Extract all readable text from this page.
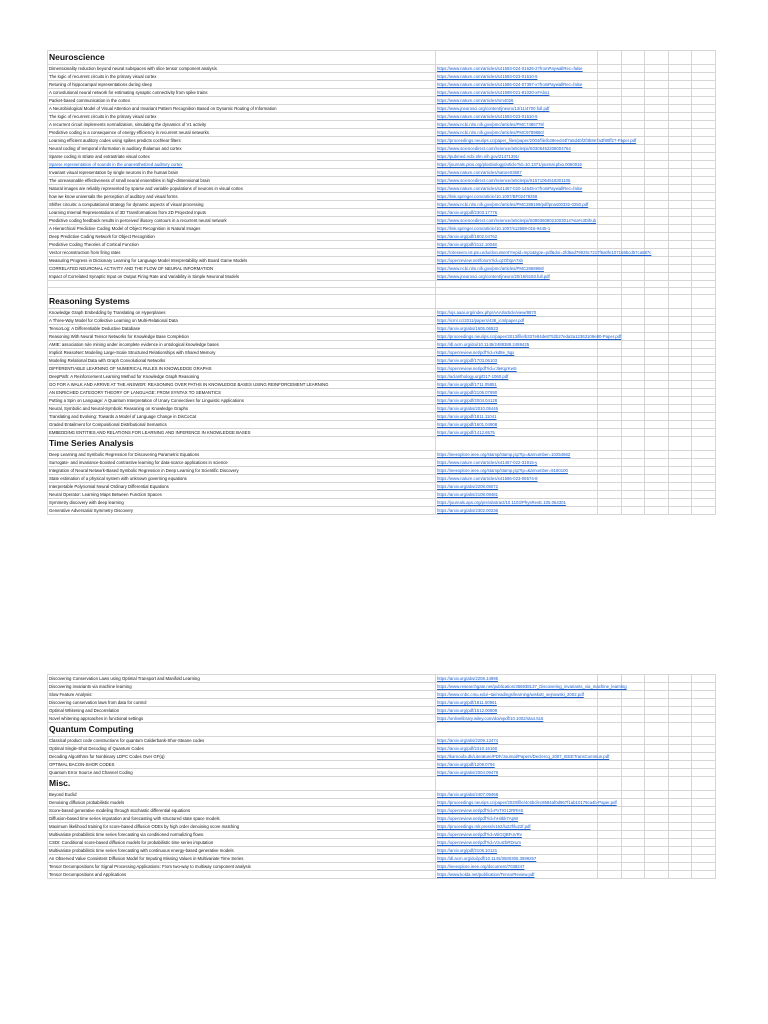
Neuroscience						
Dimensionality reduction beyond neural subspaces with slice tensor component analysis	https://www.nature.com/articles/s41593-024-01626-2?fromPaywallRec=false					
The logic of recurrent circuits in the primary visual cortex	https://www.nature.com/articles/s41593-023-01510-5					
Retuning of hippocampal representations during sleep	https://www.nature.com/articles/s41586-024-07397-x?fromPaywallRec=false					
A convolutional neural network for estimating synaptic connectivity from spike trains	https://www.nature.com/articles/s41598-021-81020-x#Abs1					
Packet-based communication in the cortex	https://www.nature.com/articles/nrn4026					
A Neurobiological Model of Visual Attention and Invariant Pattern Recognition Based on Dynamic Routing of Information	https://www.jneurosci.org/content/jneuro/13/11/4700.full.pdf					
The logic of recurrent circuits in the primary visual cortex	https://www.nature.com/articles/s41593-023-01510-5					
A recurrent circuit implements normalization, simulating the dynamics of V1 activity	https://www.ncbi.nlm.nih.gov/pmc/articles/PMC7486779/					
Predictive coding is a consequence of energy efficiency in recurrent neural networks	https://www.ncbi.nlm.nih.gov/pmc/articles/PMC9789880/					
Learning efficient auditory codes using spikes predicts cochlear filters	https://proceedings.neurips.cc/paper_files/paper/2004/file/b29eed44f7a5d4bf2f3b8e7a3f80ff27-Paper.pdf					
Neural coding of temporal information in auditory thalamus and cortex	https://www.sciencedirect.com/science/article/pii/S0306452208004764					
Sparse coding in striate and extrastriate visual cortex	https://pubmed.ncbi.nlm.nih.gov/21471391/					
Sparse representation of sounds in the unanesthetized auditory cortex	https://journals.plos.org/plosbiology/article?id=10.1371/journal.pbio.0060016					
Invariant visual representation by single neurons in the human brain	https://www.nature.com/articles/nature03687					
The unreasonable effectiveness of small neural ensembles in high-dimensional brain	https://www.sciencedirect.com/science/article/pii/S1571064518301106					
Natural images are reliably represented by sparse and variable populations of neurons in visual cortex	https://www.nature.com/articles/s41467-020-14645-x?fromPaywallRec=false					
how we know universals the perception of auditory and visual forms	https://link.springer.com/article/10.1007/BF02478259					
Shifter circuits: a computational strategy for dynamic aspects of visual processing	https://www.ncbi.nlm.nih.gov/pmc/articles/PMC289169/pdf/pnas00332-0250.pdf					
Learning Internal Representations of 3D Transformations from 2D Projected Inputs	https://arxiv.org/pdf/2303.17776					
Predictive coding feedback results in perceived illusory contours in a recurrent neural network	https://www.sciencedirect.com/science/article/pii/S0893608021003014?via%3Dihub					
A Hierarchical Predictive Coding Model of Object Recognition in Natural Images	https://link.springer.com/article/10.1007/s12559-016-9445-1					
Deep Predictive Coding Network for Object Recognition	https://arxiv.org/pdf/1802.04762					
Predictive Coding Theories of Cortical Function	https://arxiv.org/pdf/2112.10048					
Vector reconstruction from firing rates	https://citeseerx.ist.psu.edu/document?repid=rep1&type=pdf&doi=2fd6ad79926c7217f6a0fe107168bcd57ca587c					
Measuring Progress in Dictionary Learning for Language Model Interpretability with Board Game Models	https://openreview.net/forum?id=qzOhtpA7sb					
CORRELATED NEURONAL ACTIVITY AND THE FLOW OF NEURAL INFORMATION	https://www.ncbi.nlm.nih.gov/pmc/articles/PMC2868968/					
Impact of Correlated Synaptic Input on Output Firing Rate and Variability in Simple Neuronal Models	https://www.jneurosci.org/content/jneuro/20/16/6193.full.pdf					

Reasoning Systems						
Knowledge Graph Embedding by Translating on Hyperplanes	https://ojs.aaai.org/index.php/AAAI/article/view/8870					
A Three-Way Model for Collective Learning on Multi-Relational Data	https://icml.cc/2011/papers/438_icmlpaper.pdf					
TensorLog: A Differentiable Deductive Database	https://arxiv.org/abs/1605.06523					
Reasoning With Neural Tensor Networks for Knowledge Base Completion	https://proceedings.neurips.cc/paper/2013/file/b337e84de8752b27eda3a12363109e80-Paper.pdf					
AMIE: association rule mining under incomplete evidence in ontological knowledge bases	https://dl.acm.org/doi/10.1145/2488388.2488425					
Implicit ReasoNet: Modeling Large-Scale Structured Relationships with Shared Memory	https://openreview.net/pdf?id=rkd8e_5gx					
Modeling Relational Data with Graph Convolutional Networks	https://arxiv.org/pdf/1703.06103					
DIFFERENTIABLE LEARNING OF NUMERICAL RULES IN KNOWLEDGE GRAPHS	https://openreview.net/pdf?id=rJleKgrKwS					
DeepPath: A Reinforcement Learning Method for Knowledge Graph Reasoning	https://aclanthology.org/D17-1060.pdf					
GO FOR A WALK AND ARRIVE AT THE ANSWER: REASONING OVER PATHS IN KNOWLEDGE BASES USING REINFORCEMENT LEARNING	https://arxiv.org/pdf/1711.05851					
AN ENRICHED CATEGORY THEORY OF LANGUAGE: FROM SYNTAX TO SEMANTICS	https://arxiv.org/pdf/2106.07890					
Putting a Spin on Language: A Quantum Interpretation of Unary Connectives for Linguistic Applications	https://arxiv.org/pdf/2004.04128					
Neural, Symbolic and Neural-Symbolic Reasoning on Knowledge Graphs	https://arxiv.org/abs/2010.05446					
Translating and Evolving: Towards a Model of Language Change in DisCoCat	https://arxiv.org/pdf/1811.11041					
Graded Entailment for Compositional Distributional Semantics	https://arxiv.org/pdf/1601.04908					
EMBEDDING ENTITIES AND RELATIONS FOR LEARNING AND INFERENCE IN KNOWLEDGE BASES	https://arxiv.org/pdf/1412.6575					
Time Series Analysis						
Deep Learning and Symbolic Regression for Discovering Parametric Equations	https://ieeexplore.ieee.org/stamp/stamp.jsp?tp=&arnumber=10254562					
Surrogate- and invariance-boosted contrastive learning for data-scarce applications in science	https://www.nature.com/articles/s41467-022-31915-y					
Integration of Neural Network-Based Symbolic Regression in Deep Learning for Scientific Discovery	https://ieeexplore.ieee.org/stamp/stamp.jsp?tp=&arnumber=9180100					
State estimation of a physical system with unknown governing equations	https://www.nature.com/articles/s41586-023-06574-8					
Interpretable Polynomial Neural Ordinary Differential Equations	https://arxiv.org/abs/2208.05072					
Neural Operator: Learning Maps Between Function Spaces	https://arxiv.org/abs/2108.08481					
Symmetry discovery with deep learning	https://journals.aps.org/pre/abstract/10.1103/PhysRevE.105.064301					
Generative Adversarial Symmetry Discovery	https://arxiv.org/abs/2302.00236					
Discovering Conservation Laws using Optimal Transport and Manifold Learning	https://arxiv.org/abs/2208.14995					
Discovering invariants via machine learning	https://www.researchgate.net/publication/356938137_Discovering_invariants_via_machine_learning					
Slow Feature Analysis:	https://www.cnbc.cmu.edu/~tai/readings/learning/wiskott_sejnowski_2002.pdf					
Discovering conservation laws from data for control	https://arxiv.org/pdf/1811.00961					
Optimal Whitening and Decorrelation	https://arxiv.org/pdf/1512.00809					
Novel whitening approaches in functional settings	https://onlinelibrary.wiley.com/doi/epdf/10.1002/sta4.516					
Quantum Computing						
Classical product code constructions for quantum Calderbank-Shor-Steane codes	https://arxiv.org/abs/2209.13474					
Optimal Single-Shot Decoding of Quantum Codes	https://arxiv.org/pdf/2310.16160					
Decoding Algorithms for Nonbinary LDPC Codes Over GF(q)	https://karnoufa.dk/Literature/PDF/Journal/Papers/Declercq_2007_IEEETransCommun.pdf					
OPTIMAL BACON-SHOR CODES	https://arxiv.org/pdf/1209.0794					
Quantum Error Source and Channel Coding	https://arxiv.org/abs/2004.09479					
Misc.						
Beyond Euclid	https://arxiv.org/abs/2407.09468					
Denoising diffusion probabilistic models	https://proceedings.neurips.cc/paper/2020/file/4c5bcfec8584af0d967f1ab10179ca4b-Paper.pdf					
Score-based generative modeling through stochastic differential equations	https://openreview.net/pdf?id=PxTIG12RRHS					
Diffusion-based time series imputation and forecasting with structured state space models	https://openreview.net/pdf?id=hHiIbk7ApW					
Maximum likelihood training for score-based diffusion ODEs by high order denoising score matching	https://proceedings.mlr.press/v162/lu22f/lu22f.pdf					
Multivariate probabilistic time series forecasting via conditioned normalizing flows.	https://openreview.net/pdf?id=WiGQBFuVRv					
CSDI: Conditional score-based diffusion models for probabilistic time series imputation	https://openreview.net/pdf?id=VzuIzbRDrum					
Multivariate probabilistic time series forecasting with continuous energy-based generative models	https://arxiv.org/pdf/2106.10121					
An Observed Value Consistent Diffusion Model for Imputing Missing Values in Multivariate Time Series	https://dl.acm.org/doi/pdf/10.1145/3580305.3599257					
Tensor Decompositions for Signal Processing Applications: From two-way to multiway component analysis	https://ieeexplore.ieee.org/document/7038247					
Tensor Decompositions and Applications	https://www.kolda.net/publication/TensorReview.pdf					
